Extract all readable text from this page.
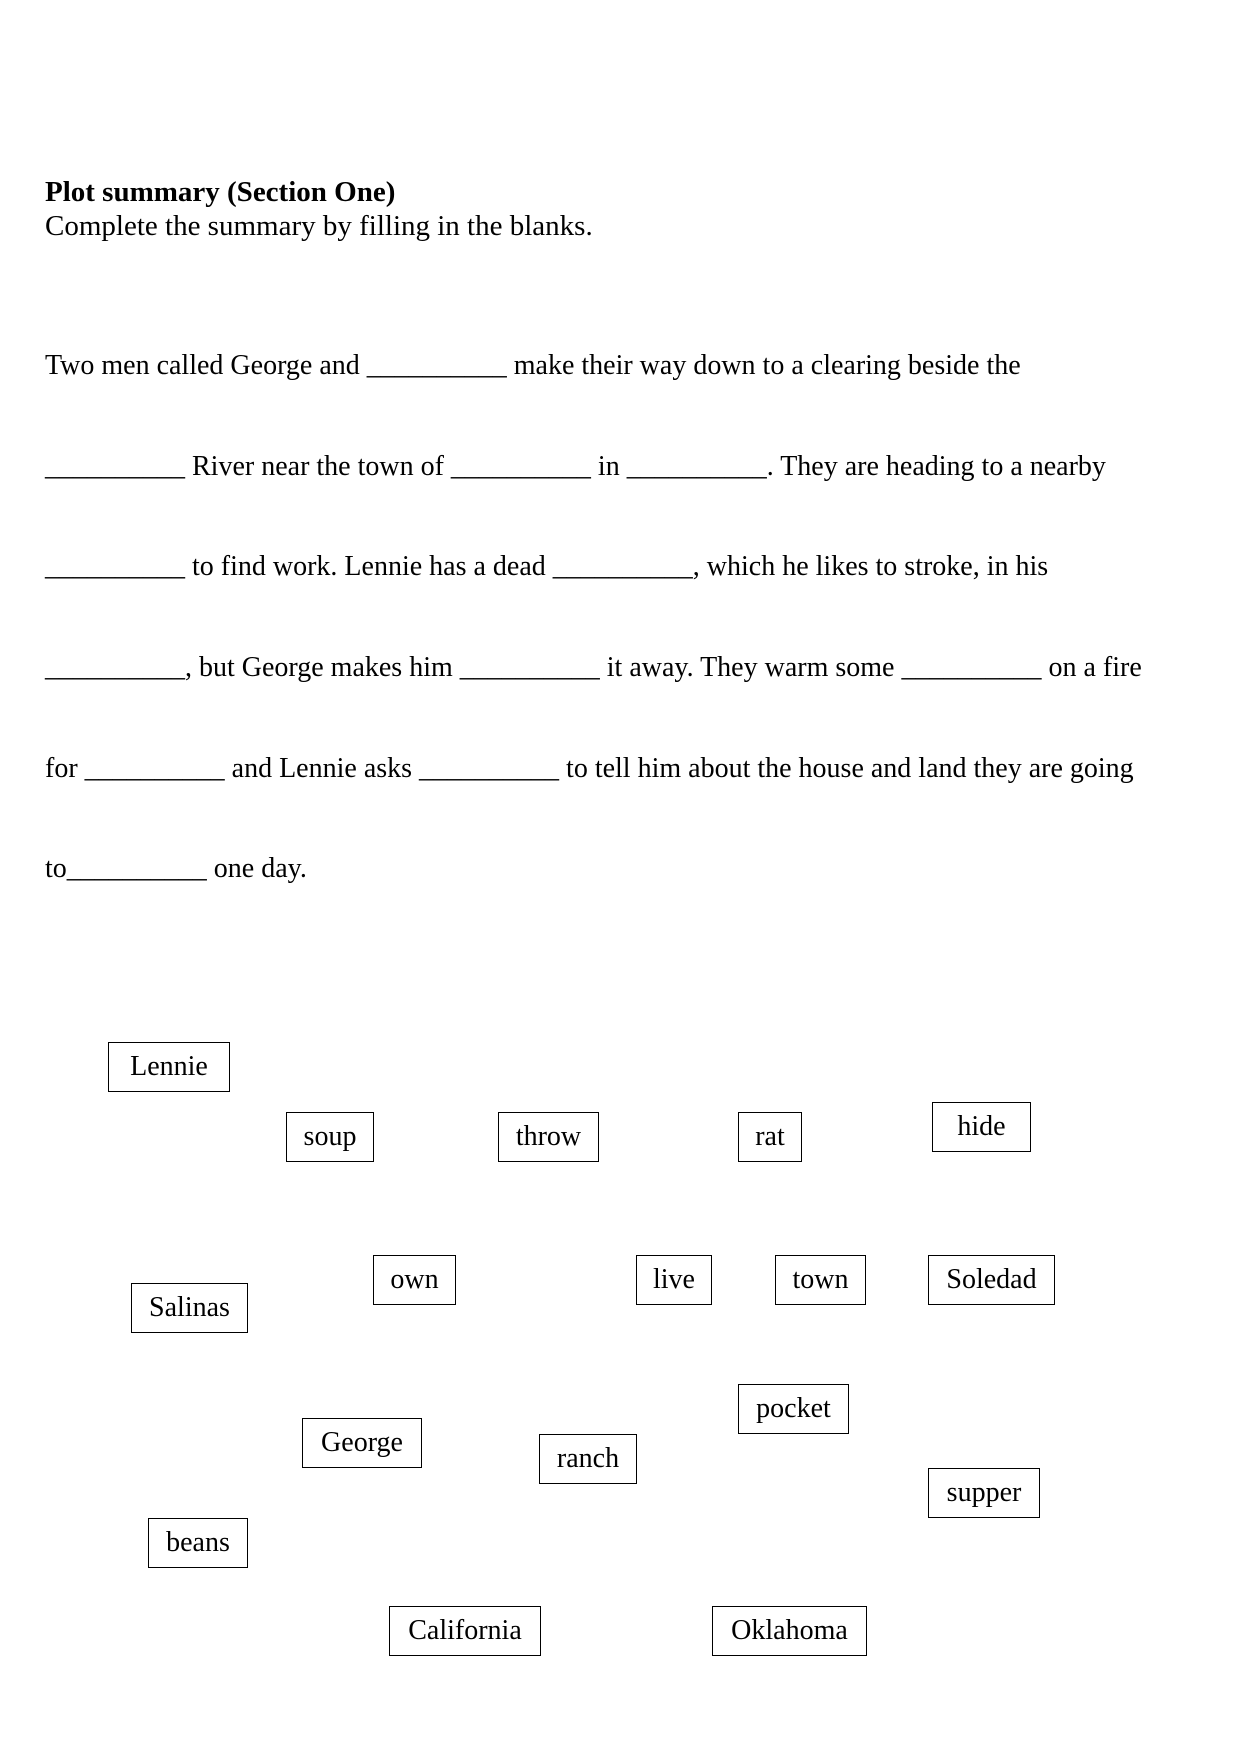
Plot summary (Section One)
Complete the summary by filling in the blanks.
Two men called George and __________ make their way down to a clearing beside the
__________ River near the town of __________ in __________. They are heading to a nearby
__________ to find work. Lennie has a dead __________, which he likes to stroke, in his
__________, but George makes him __________ it away. They warm some __________ on a fire
for __________ and Lennie asks __________ to tell him about the house and land they are going
to__________ one day.
Lennie
soup	throw	rat	hide
Salinas
own	live	town	Soledad
pocket
George
ranch
supper
beans
California	Oklahoma
